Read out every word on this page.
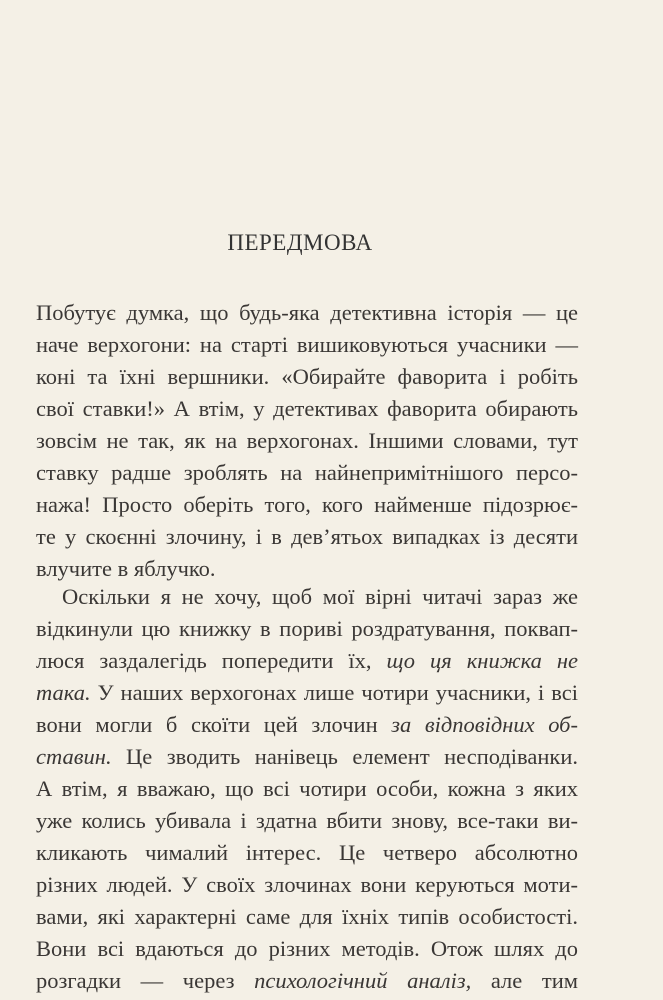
ПЕРЕДМОВА
Побутує думка, що будь-яка детективна історія — це
наче верхогони: на старті вишиковуються учасники —
коні та їхні вершники. «Обирайте фаворита і робіть
свої ставки!» А втім, у детективах фаворита обирають
зовсім не так, як на верхогонах. Іншими словами, тут
ставку радше зроблять на найнепримітнішого персо-
нажа! Просто оберіть того, кого найменше підозрює-
те у скоєнні злочину, і в дев’ятьох випадках із десяти
влучите в яблучко.
Оскільки я не хочу, щоб мої вірні читачі зараз же
відкинули цю книжку в пориві роздратування, поквап-
люся заздалегідь попередити їх, що ця книжка не
така. У наших верхогонах лише чотири учасники, і всі
вони могли б скоїти цей злочин за відповідних об-
ставин. Це зводить нанівець елемент несподіванки.
А втім, я вважаю, що всі чотири особи, кожна з яких
уже колись убивала і здатна вбити знову, все-таки ви-
кликають чималий інтерес. Це четверо абсолютно
різних людей. У своїх злочинах вони керуються моти-
вами, які характерні саме для їхніх типів особистості.
Вони всі вдаються до різних методів. Отож шлях до
розгадки — через психологічний аналіз, але тим
